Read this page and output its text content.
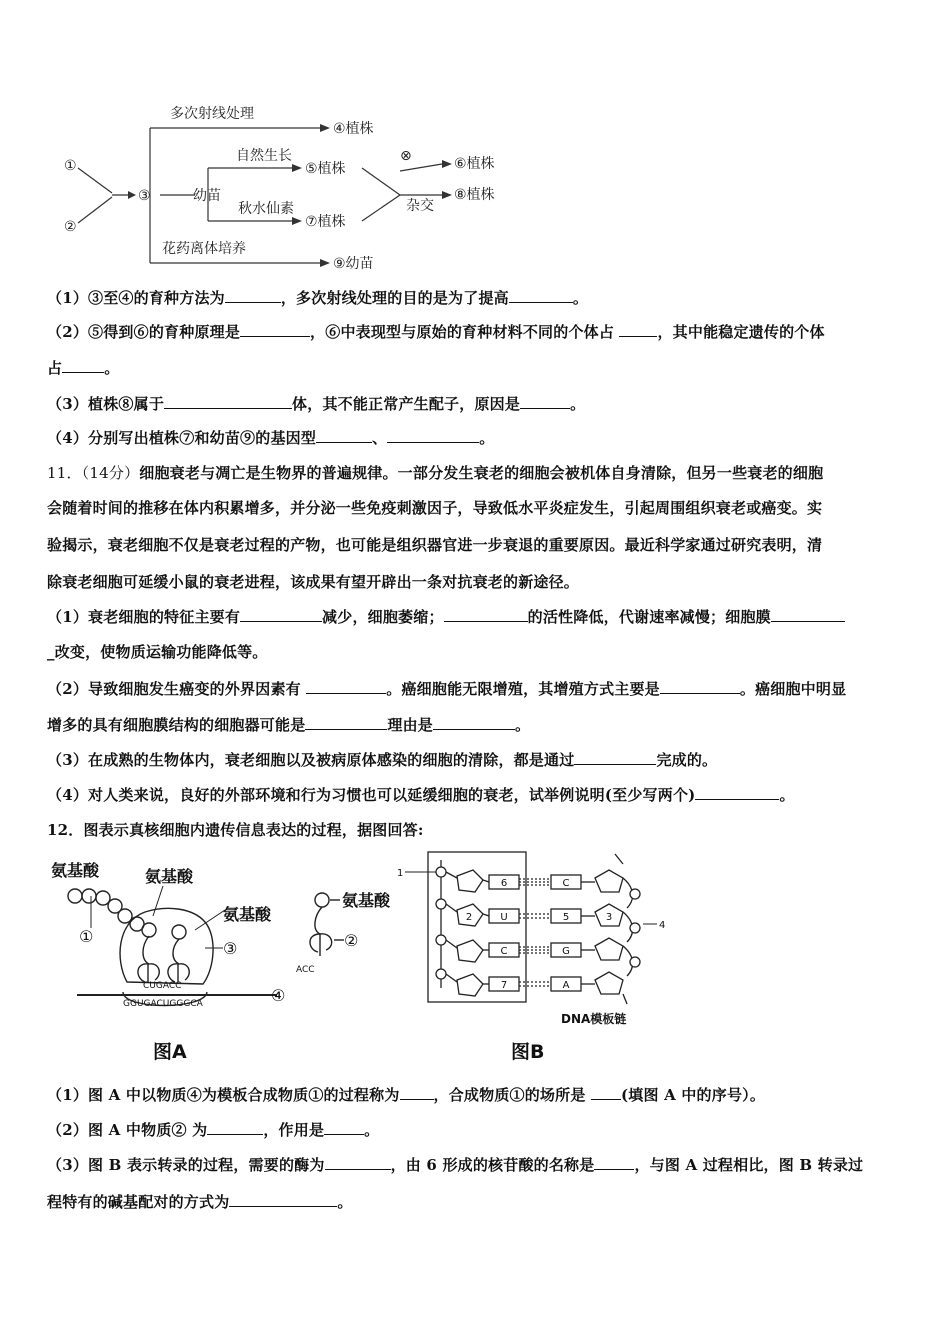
①
②
③	幼苗
多次射线处理
④植株
自然生长
⑤植株
⊗	⑥植株
秋水仙素
⑦植株
杂交
⑧植株
花药离体培养
⑨幼苗
（1）③至④的育种方法为	，多次射线处理的目的是为了提高	。
（2）⑤得到⑥的育种原理是	，⑥中表现型与原始的育种材料不同的个体占	，其中能稳定遗传的个体
占	。
（3）植株⑧属于	体，其不能正常产生配子，原因是	。
（4）分别写出植株⑦和幼苗⑨的基因型	、	。
11．（14分）细胞衰老与凋亡是生物界的普遍规律。一部分发生衰老的细胞会被机体自身清除，但另一些衰老的细胞
会随着时间的推移在体内积累增多，并分泌一些免疫刺激因子，导致低水平炎症发生，引起周围组织衰老或癌变。实
验揭示，衰老细胞不仅是衰老过程的产物，也可能是组织器官进一步衰退的重要原因。最近科学家通过研究表明，清
除衰老细胞可延缓小鼠的衰老进程，该成果有望开辟出一条对抗衰老的新途径。
（1）衰老细胞的特征主要有	减少，细胞萎缩；	的活性降低，代谢速率减慢；细胞膜
_改变，使物质运输功能降低等。
（2）导致细胞发生癌变的外界因素有	。癌细胞能无限增殖，其增殖方式主要是	。癌细胞中明显
增多的具有细胞膜结构的细胞器可能是	理由是	。
（3）在成熟的生物体内，衰老细胞以及被病原体感染的细胞的清除，都是通过	完成的。
（4）对人类来说，良好的外部环境和行为习惯也可以延缓细胞的衰老，试举例说明(至少写两个)	。
12．图表示真核细胞内遗传信息表达的过程，据图回答:
氨基酸	氨基酸
氨基酸
①
③
④
CUGACC
GGUGACUGGGCA
图A
氨基酸
②
ACC
1
4
6
U
C
7
C
5
G
A
2	3
DNA模板链
图B
（1）图 A 中以物质④为模板合成物质①的过程称为 ，合成物质①的场所是 (填图 A 中的序号）。
（2）图 A 中物质② 为	，作用是	。
（3）图 B 表示转录的过程，需要的酶为	，由 6 形成的核苷酸的名称是	，与图 A 过程相比，图 B 转录过
程特有的碱基配对的方式为	。
